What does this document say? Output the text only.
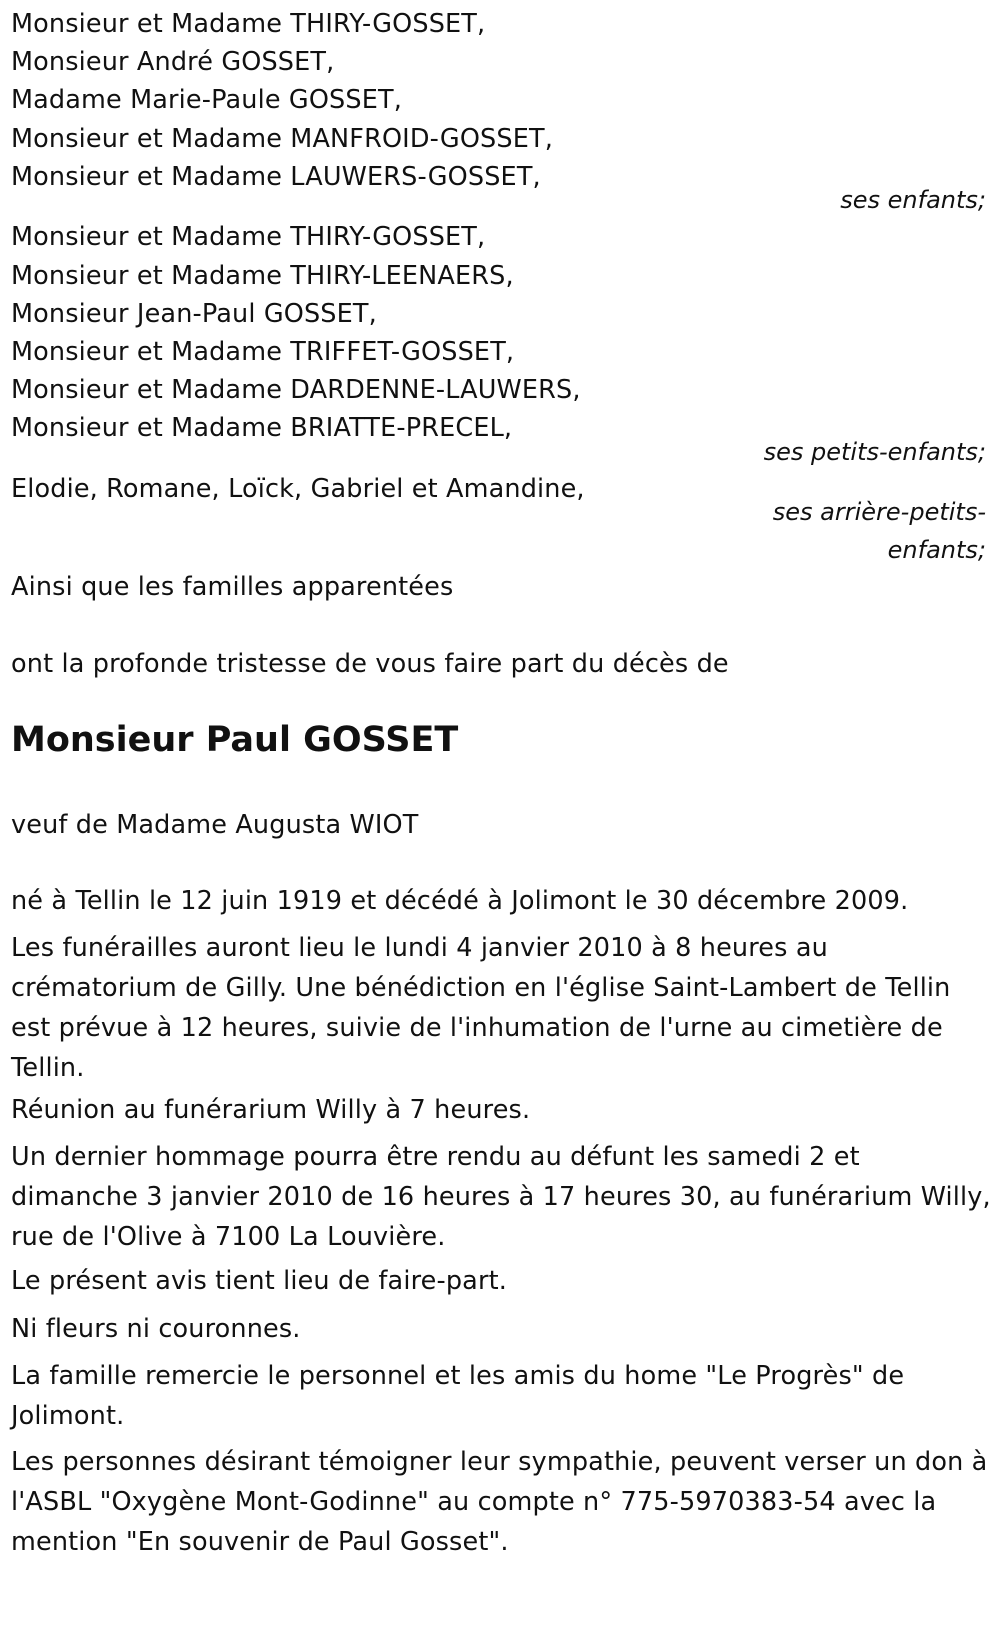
Monsieur et Madame THIRY-GOSSET,
Monsieur André GOSSET,
Madame Marie-Paule GOSSET,
Monsieur et Madame MANFROID-GOSSET,
Monsieur et Madame LAUWERS-GOSSET,
ses enfants;
Monsieur et Madame THIRY-GOSSET,
Monsieur et Madame THIRY-LEENAERS,
Monsieur Jean-Paul GOSSET,
Monsieur et Madame TRIFFET-GOSSET,
Monsieur et Madame DARDENNE-LAUWERS,
Monsieur et Madame BRIATTE-PRECEL,
ses petits-enfants;
Elodie, Romane, Loïck, Gabriel et Amandine,
ses arrière-petits-
enfants;
Ainsi que les familles apparentées
ont la profonde tristesse de vous faire part du décès de
Monsieur Paul GOSSET
veuf de Madame Augusta WIOT
né à Tellin le 12 juin 1919 et décédé à Jolimont le 30 décembre 2009.

Les funérailles auront lieu le lundi 4 janvier 2010 à 8 heures au crématorium de Gilly. Une bénédiction en l'église Saint-Lambert de Tellin est prévue à 12 heures, suivie de l'inhumation de l'urne au cimetière de Tellin.

Réunion au funérarium Willy à 7 heures.

Un dernier hommage pourra être rendu au défunt les samedi 2 et dimanche 3 janvier 2010 de 16 heures à 17 heures 30, au funérarium Willy, rue de l'Olive à 7100 La Louvière.

Le présent avis tient lieu de faire-part.
Ni fleurs ni couronnes.

La famille remercie le personnel et les amis du home "Le Progrès" de Jolimont.

Les personnes désirant témoigner leur sympathie, peuvent verser un don à l'ASBL "Oxygène Mont-Godinne" au compte n° 775-5970383-54 avec la mention "En souvenir de Paul Gosset".
